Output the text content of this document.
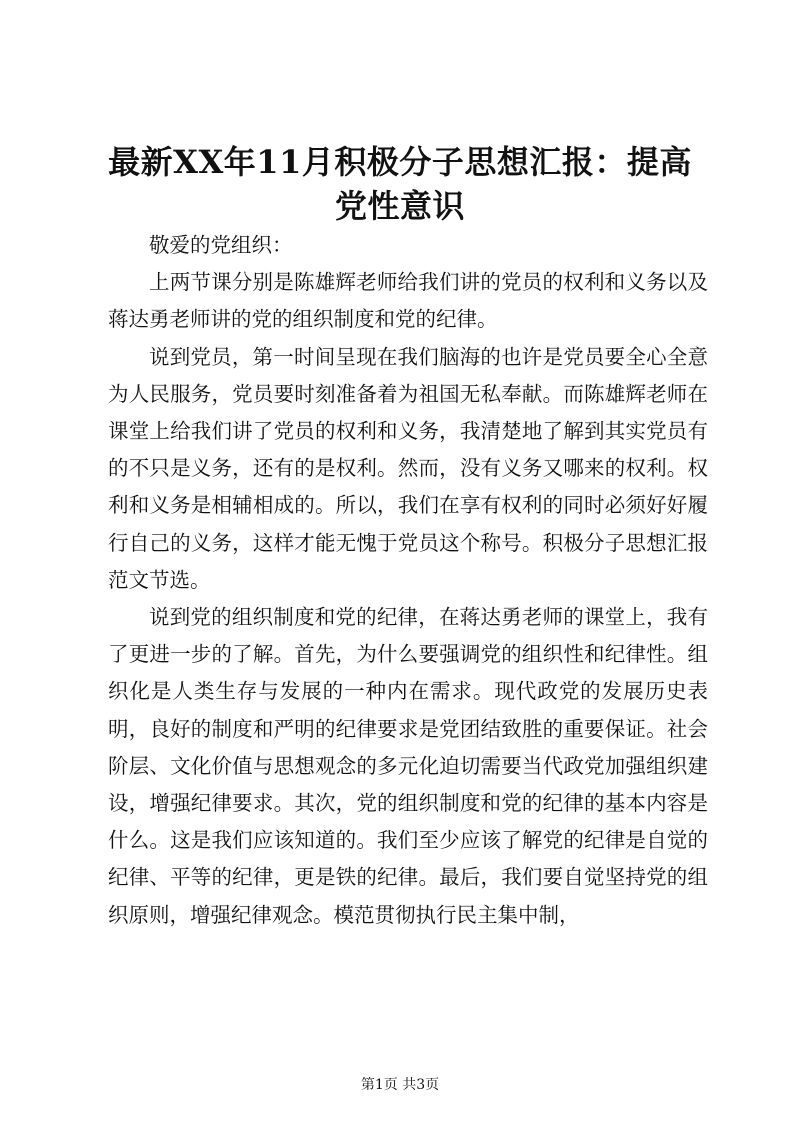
最新XX年11月积极分子思想汇报：提高党性意识

敬爱的党组织：

上两节课分别是陈雄辉老师给我们讲的党员的权利和义务以及蒋达勇老师讲的党的组织制度和党的纪律。

说到党员，第一时间呈现在我们脑海的也许是党员要全心全意为人民服务，党员要时刻准备着为祖国无私奉献。而陈雄辉老师在课堂上给我们讲了党员的权利和义务，我清楚地了解到其实党员有的不只是义务，还有的是权利。然而，没有义务又哪来的权利。权利和义务是相辅相成的。所以，我们在享有权利的同时必须好好履行自己的义务，这样才能无愧于党员这个称号。积极分子思想汇报范文节选。

说到党的组织制度和党的纪律，在蒋达勇老师的课堂上，我有了更进一步的了解。首先，为什么要强调党的组织性和纪律性。组织化是人类生存与发展的一种内在需求。现代政党的发展历史表明，良好的制度和严明的纪律要求是党团结致胜的重要保证。社会阶层、文化价值与思想观念的多元化迫切需要当代政党加强组织建设，增强纪律要求。其次，党的组织制度和党的纪律的基本内容是什么。这是我们应该知道的。我们至少应该了解党的纪律是自觉的纪律、平等的纪律，更是铁的纪律。最后，我们要自觉坚持党的组织原则，增强纪律观念。模范贯彻执行民主集中制，

第1页 共3页
